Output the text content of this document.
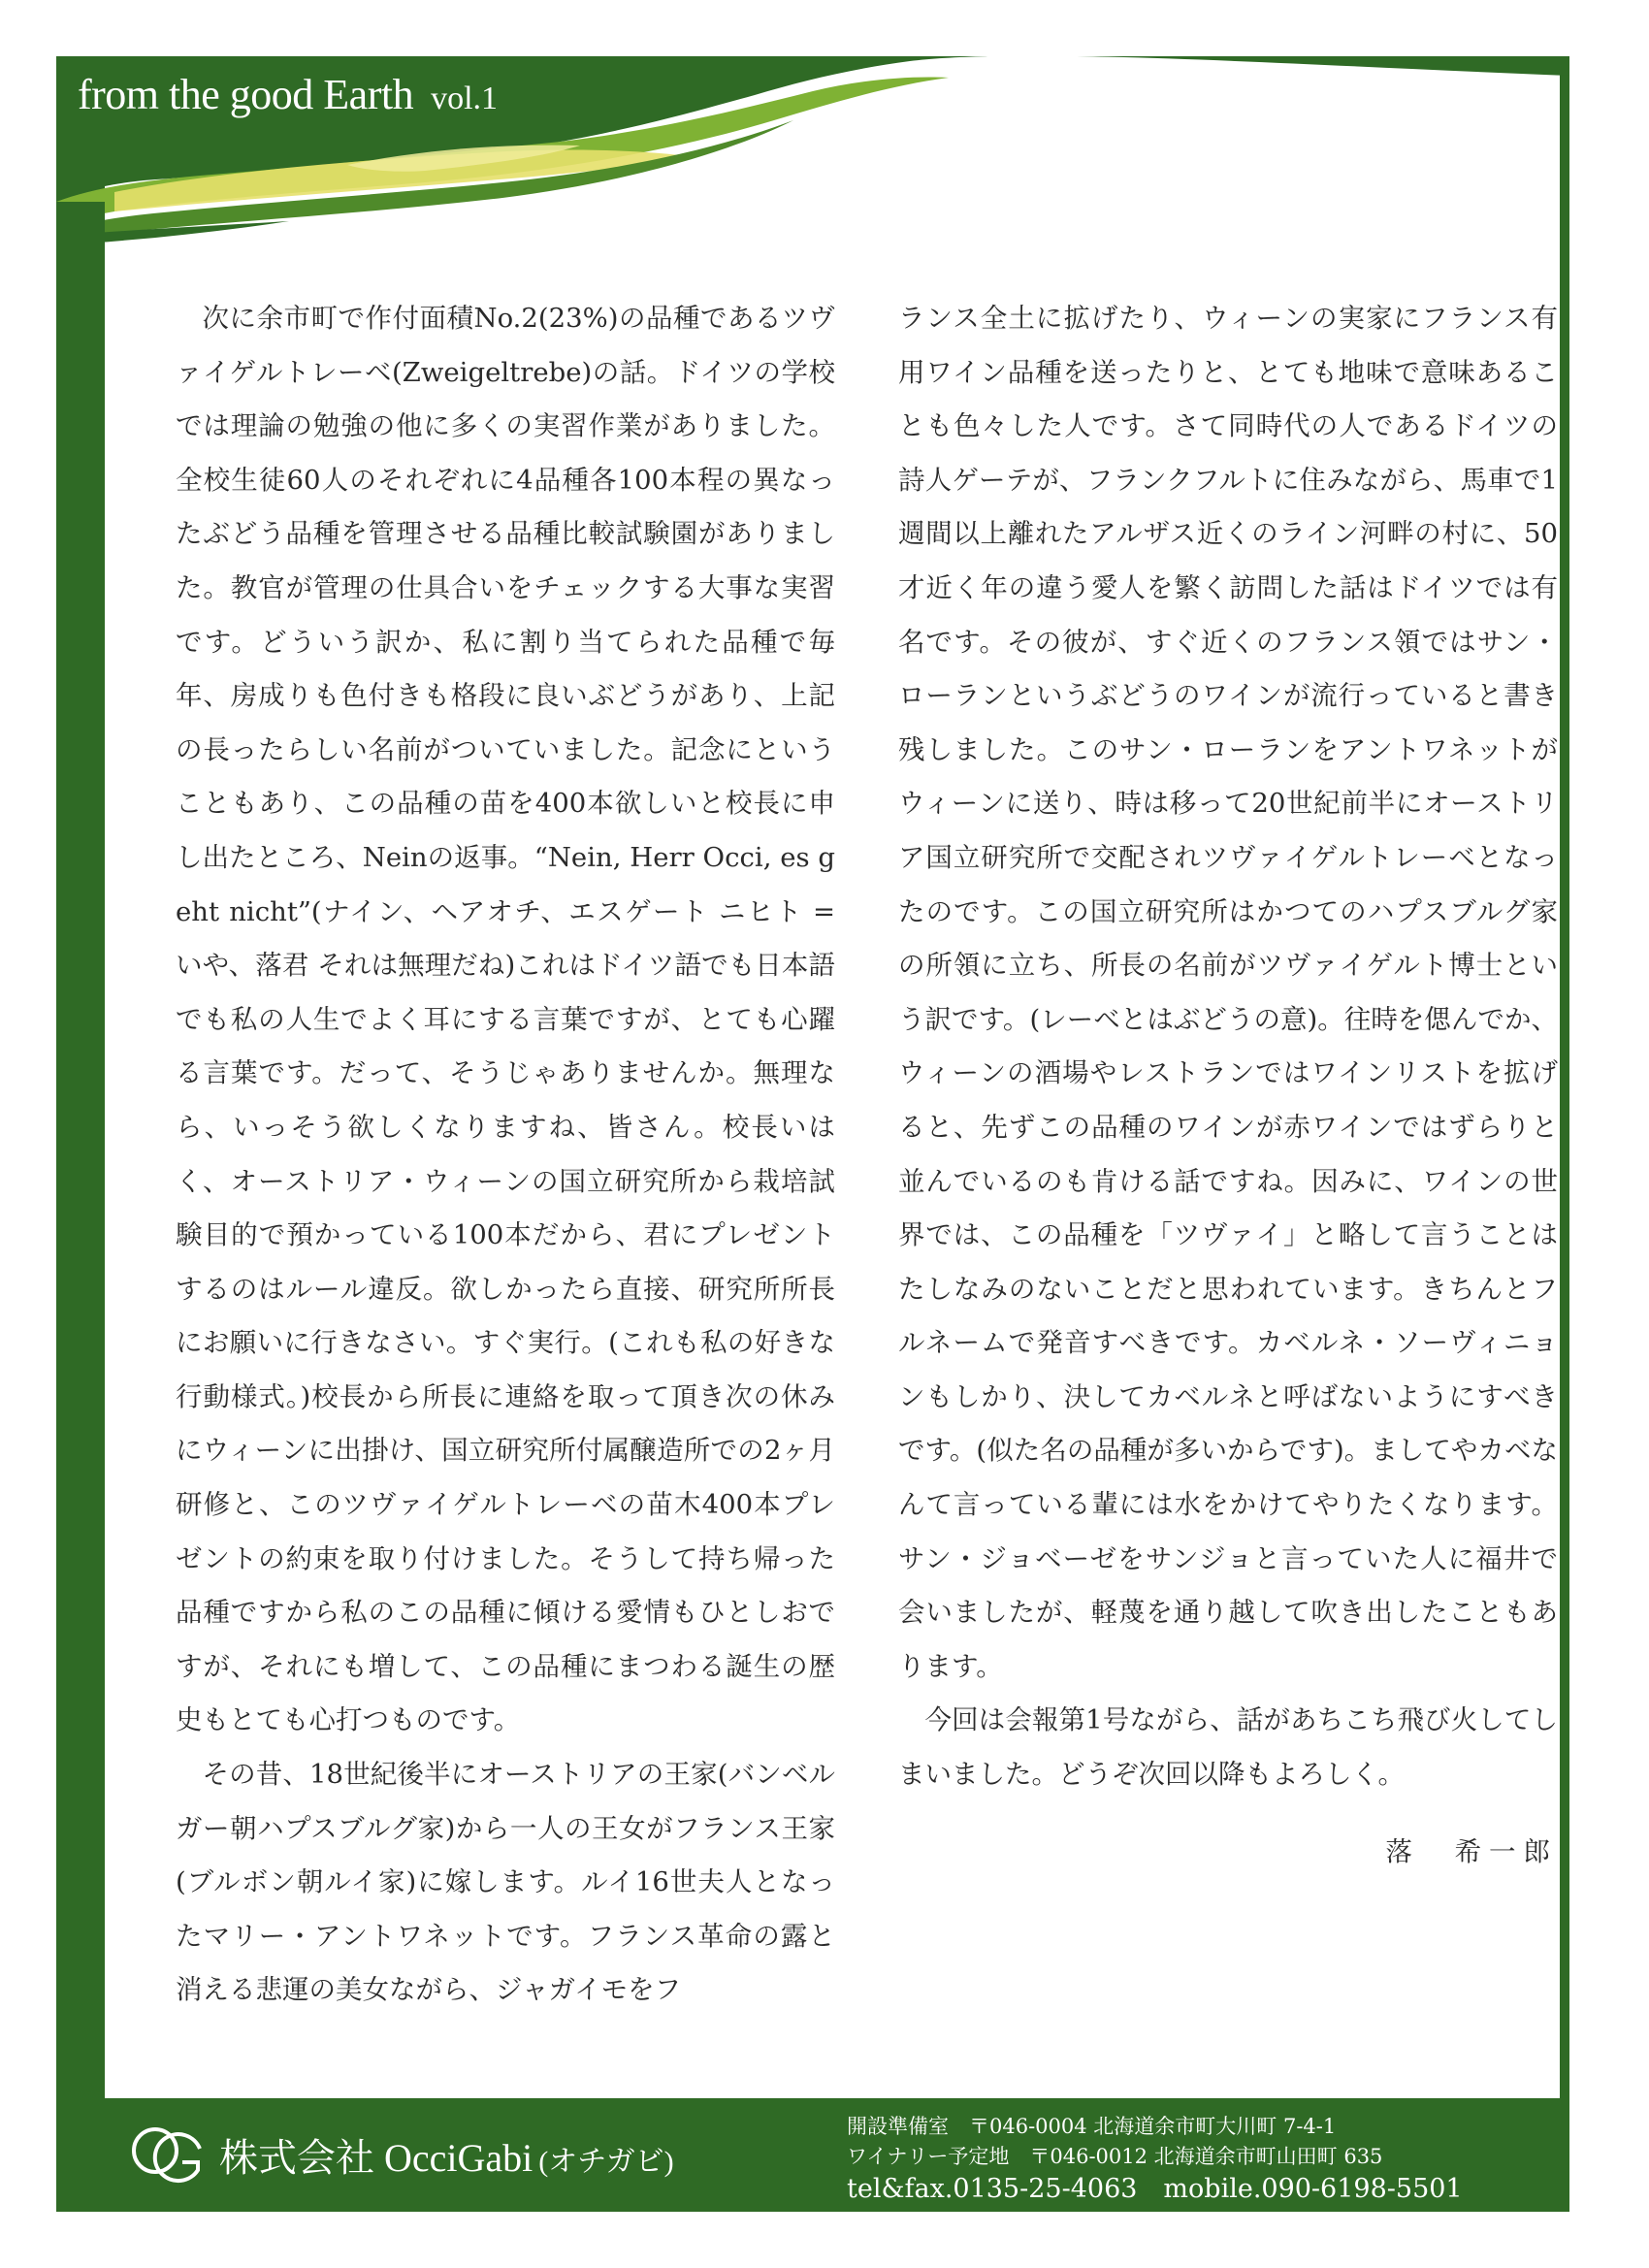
from the good Earth vol.1

次に余市町で作付面積No.2(23%)の品種であるツヴァイゲルトレーベ(Zweigeltrebe)の話。ドイツの学校では理論の勉強の他に多くの実習作業がありました。全校生徒60人のそれぞれに4品種各100本程の異なったぶどう品種を管理させる品種比較試験園がありました。教官が管理の仕具合いをチェックする大事な実習です。どういう訳か、私に割り当てられた品種で毎年、房成りも色付きも格段に良いぶどうがあり、上記の長ったらしい名前がついていました。記念にということもあり、この品種の苗を400本欲しいと校長に申し出たところ、Neinの返事。“Nein, Herr Occi, es geht nicht”(ナイン、ヘアオチ、エスゲート ニヒト = いや、落君 それは無理だね)これはドイツ語でも日本語でも私の人生でよく耳にする言葉ですが、とても心躍る言葉です。だって、そうじゃありませんか。無理なら、いっそう欲しくなりますね、皆さん。校長いはく、オーストリア・ウィーンの国立研究所から栽培試験目的で預かっている100本だから、君にプレゼントするのはルール違反。欲しかったら直接、研究所所長にお願いに行きなさい。すぐ実行。(これも私の好きな行動様式。)校長から所長に連絡を取って頂き次の休みにウィーンに出掛け、国立研究所付属醸造所での2ヶ月研修と、このツヴァイゲルトレーベの苗木400本プレゼントの約束を取り付けました。そうして持ち帰った品種ですから私のこの品種に傾ける愛情もひとしおですが、それにも増して、この品種にまつわる誕生の歴史もとても心打つものです。

その昔、18世紀後半にオーストリアの王家(バンベルガー朝ハプスブルグ家)から一人の王女がフランス王家(ブルボン朝ルイ家)に嫁します。ルイ16世夫人となったマリー・アントワネットです。フランス革命の露と消える悲運の美女ながら、ジャガイモをフ

ランス全土に拡げたり、ウィーンの実家にフランス有用ワイン品種を送ったりと、とても地味で意味あることも色々した人です。さて同時代の人であるドイツの詩人ゲーテが、フランクフルトに住みながら、馬車で1週間以上離れたアルザス近くのライン河畔の村に、50才近く年の違う愛人を繁く訪問した話はドイツでは有名です。その彼が、すぐ近くのフランス領ではサン・ローランというぶどうのワインが流行っていると書き残しました。このサン・ローランをアントワネットがウィーンに送り、時は移って20世紀前半にオーストリア国立研究所で交配されツヴァイゲルトレーベとなったのです。この国立研究所はかつてのハプスブルグ家の所領に立ち、所長の名前がツヴァイゲルト博士という訳です。(レーベとはぶどうの意)。往時を偲んでか、ウィーンの酒場やレストランではワインリストを拡げると、先ずこの品種のワインが赤ワインではずらりと並んでいるのも肯ける話ですね。因みに、ワインの世界では、この品種を「ツヴァイ」と略して言うことはたしなみのないことだと思われています。きちんとフルネームで発音すべきです。カベルネ・ソーヴィニョンもしかり、決してカベルネと呼ばないようにすべきです。(似た名の品種が多いからです)。ましてやカベなんて言っている輩には水をかけてやりたくなります。サン・ジョベーゼをサンジョと言っていた人に福井で会いましたが、軽蔑を通り越して吹き出したこともあります。

今回は会報第1号ながら、話があちこち飛び火してしまいました。どうぞ次回以降もよろしく。

落　希一郎

株式会社 OcciGabi (オチガビ)
開設準備室　〒046-0004 北海道余市町大川町 7-4-1
ワイナリー予定地　〒046-0012 北海道余市町山田町 635
tel&fax.0135-25-4063　mobile.090-6198-5501
